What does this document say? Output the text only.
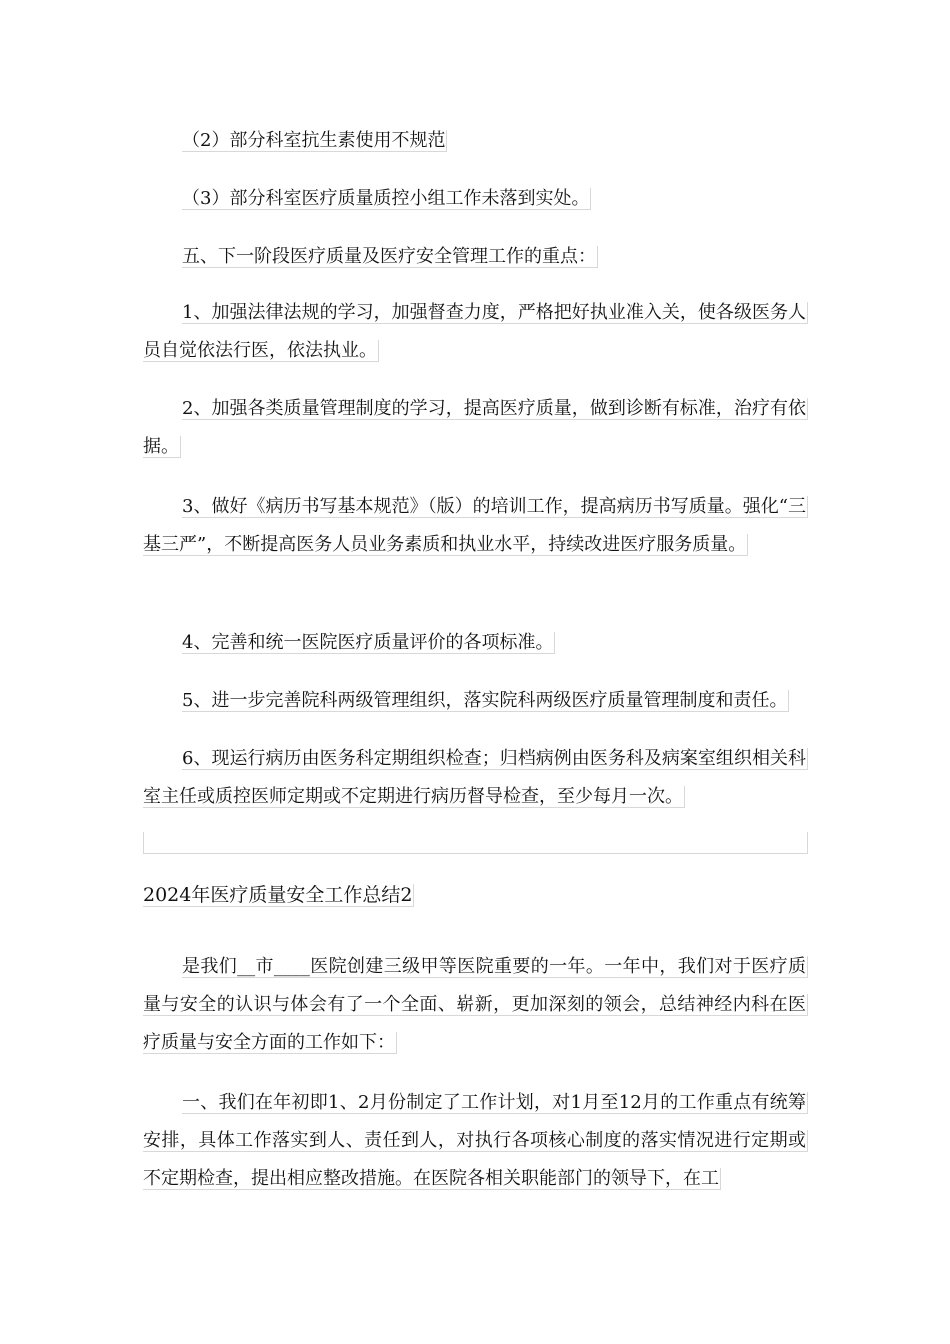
（2）部分科室抗生素使用不规范

（3）部分科室医疗质量质控小组工作未落到实处。

五、下一阶段医疗质量及医疗安全管理工作的重点：

1、加强法律法规的学习，加强督查力度，严格把好执业准入关，使各级医务人员自觉依法行医，依法执业。

2、加强各类质量管理制度的学习，提高医疗质量，做到诊断有标准，治疗有依据。

3、做好《病历书写基本规范》（版）的培训工作，提高病历书写质量。强化“三基三严”，不断提高医务人员业务素质和执业水平，持续改进医疗服务质量。

4、完善和统一医院医疗质量评价的各项标准。

5、进一步完善院科两级管理组织，落实院科两级医疗质量管理制度和责任。

6、现运行病历由医务科定期组织检查；归档病例由医务科及病案室组织相关科室主任或质控医师定期或不定期进行病历督导检查，至少每月一次。

2024年医疗质量安全工作总结2

是我们__市____医院创建三级甲等医院重要的一年。一年中，我们对于医疗质量与安全的认识与体会有了一个全面、崭新，更加深刻的领会，总结神经内科在医疗质量与安全方面的工作如下：

一、我们在年初即1、2月份制定了工作计划，对1月至12月的工作重点有统筹安排，具体工作落实到人、责任到人，对执行各项核心制度的落实情况进行定期或不定期检查，提出相应整改措施。在医院各相关职能部门的领导下，在工
